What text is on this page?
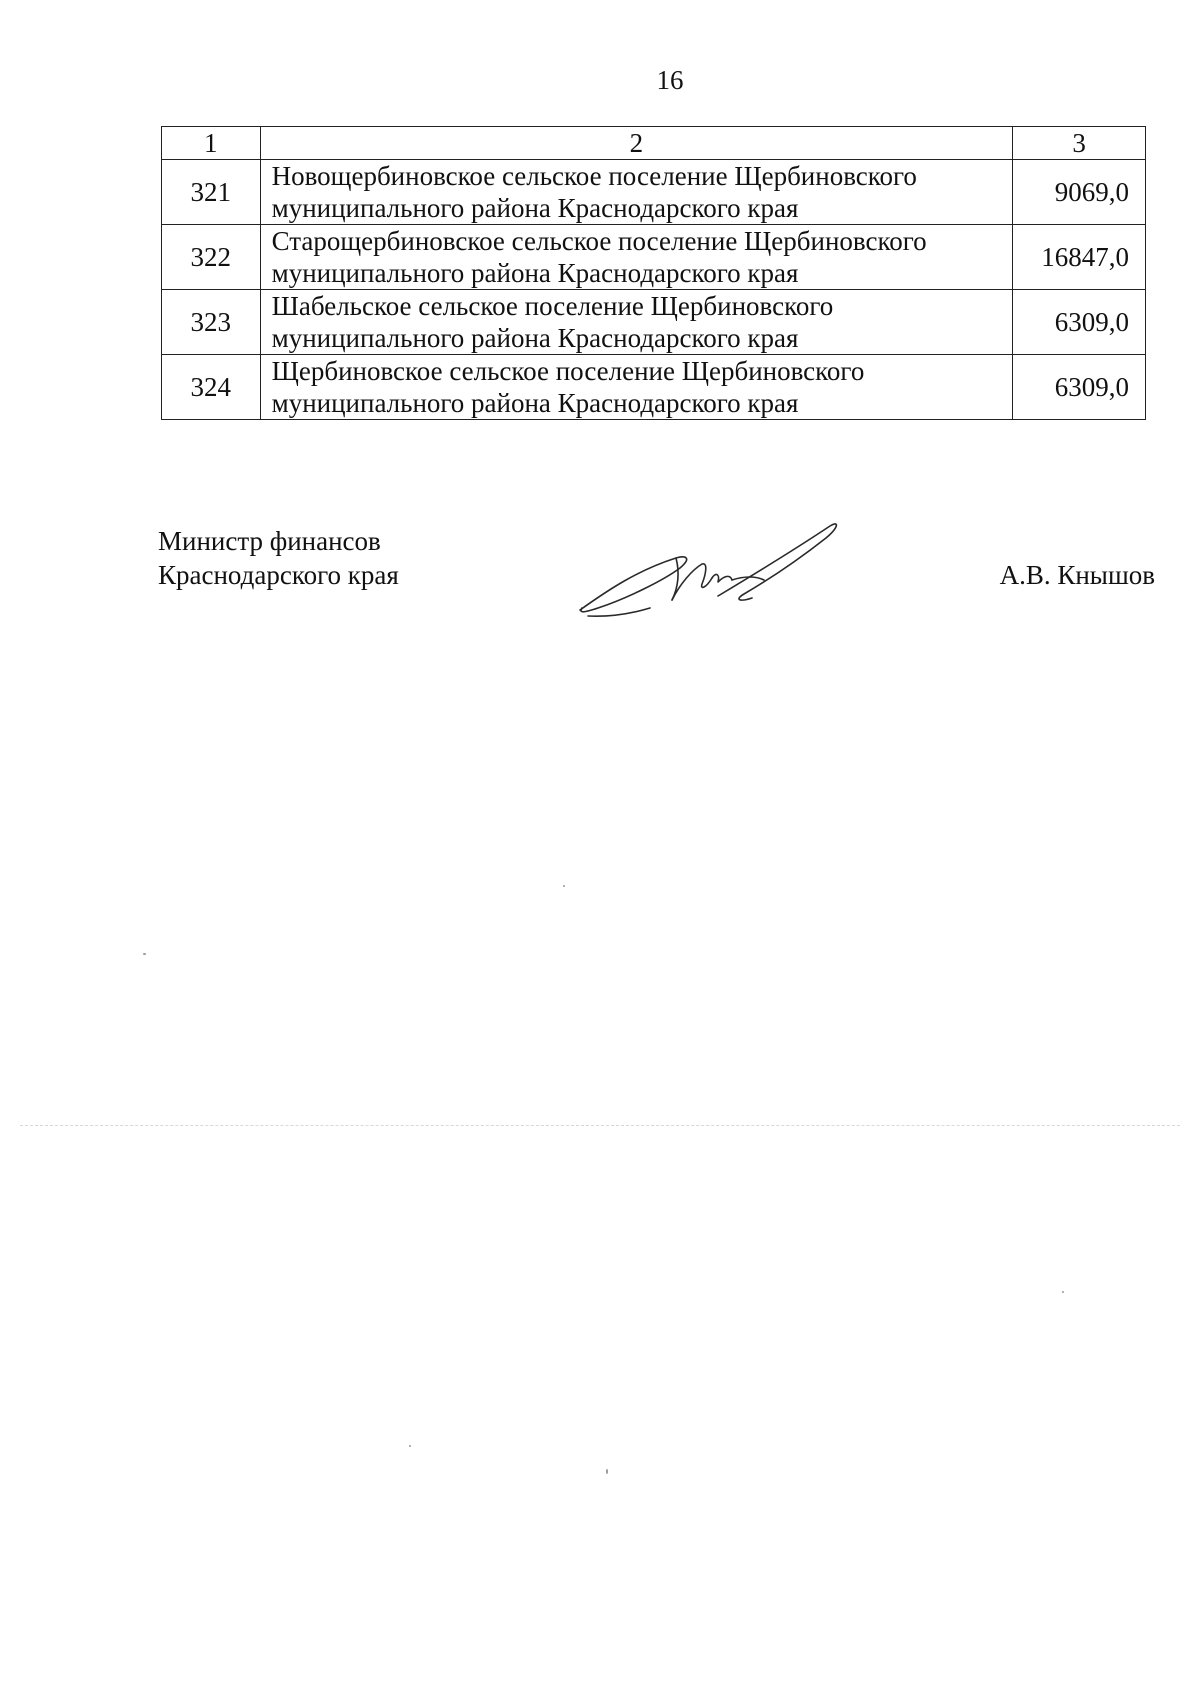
16
1	2	3
321	Новощербиновское сельское поселение Щербиновского
муниципального района Краснодарского края	9069,0
322	Старощербиновское сельское поселение Щербиновского
муниципального района Краснодарского края	16847,0
323	Шабельское сельское поселение Щербиновского
муниципального района Краснодарского края	6309,0
324	Щербиновское сельское поселение Щербиновского
муниципального района Краснодарского края	6309,0
Министр финансов
Краснодарского края	А.В. Кнышов
